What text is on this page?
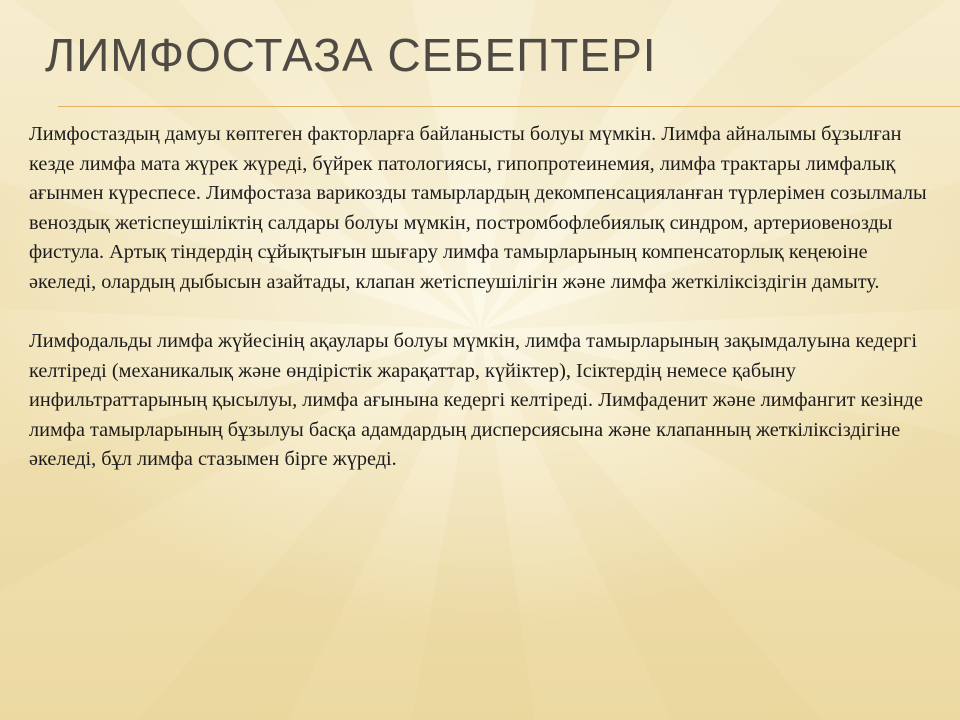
ЛИМФОСТАЗА СЕБЕПТЕРІ

Лимфостаздың дамуы көптеген факторларға байланысты болуы мүмкін. Лимфа айналымы бұзылған кезде лимфа мата жүрек жүреді, бүйрек патологиясы, гипопротеинемия, лимфа трактары лимфалық ағынмен күреспесе. Лимфостаза варикозды тамырлардың декомпенсацияланған түрлерімен созылмалы веноздық жетіспеушіліктің салдары болуы мүмкін, постромбофлебиялық синдром, артериовенозды фистула. Артық тіндердің сұйықтығын шығару лимфа тамырларының компенсаторлық кеңеюіне әкеледі, олардың дыбысын азайтады, клапан жетіспеушілігін және лимфа жеткіліксіздігін дамыту.

Лимфодальды лимфа жүйесінің ақаулары болуы мүмкін, лимфа тамырларының зақымдалуына кедергі келтіреді (механикалық және өндірістік жарақаттар, күйіктер), Ісіктердің немесе қабыну инфильтраттарының қысылуы, лимфа ағынына кедергі келтіреді. Лимфаденит және лимфангит кезінде лимфа тамырларының бұзылуы басқа адамдардың дисперсиясына және клапанның жеткіліксіздігіне әкеледі, бұл лимфа стазымен бірге жүреді.
